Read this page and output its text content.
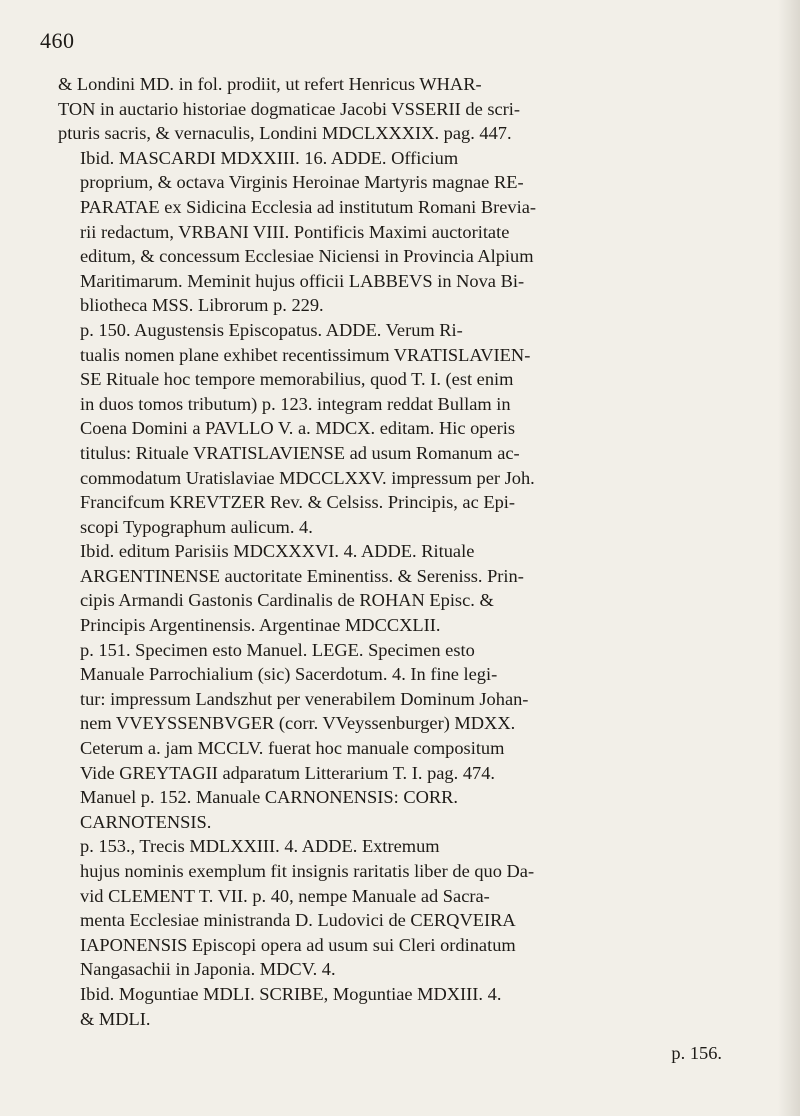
460

& Londini MD. in fol. prodiit, ut refert Henricus WHAR-
TON in auctario historiae dogmaticae Jacobi VSSERII de scri-
pturis sacris, & vernaculis, Londini MDCLXXXIX. pag. 447.

Ibid. MASCARDI MDXXIII. 16. ADDE. Officium
proprium, & octava Virginis Heroinae Martyris magnae RE-
PARATAE ex Sidicina Ecclesia ad institutum Romani Brevia-
rii redactum, VRBANI VIII. Pontificis Maximi auctoritate
editum, & concessum Ecclesiae Niciensi in Provincia Alpium
Maritimarum. Meminit hujus officii LABBEVS in Nova Bi-
bliotheca MSS. Librorum p. 229.

p. 150. Augustensis Episcopatus. ADDE. Verum Ri-
tualis nomen plane exhibet recentissimum VRATISLAVIEN-
SE Rituale hoc tempore memorabilius, quod T. I. (est enim
in duos tomos tributum) p. 123. integram reddat Bullam in
Coena Domini a PAVLLO V. a. MDCX. editam. Hic operis
titulus: Rituale VRATISLAVIENSE ad usum Romanum ac-
commodatum Uratislaviae MDCCLXXV. impressum per Joh.
Francifcum KREVTZER Rev. & Celsiss. Principis, ac Epi-
scopi Typographum aulicum. 4.

Ibid. editum Parisiis MDCXXXVI. 4. ADDE. Rituale
ARGENTINENSE auctoritate Eminentiss. & Sereniss. Prin-
cipis Armandi Gastonis Cardinalis de ROHAN Episc. &
Principis Argentinensis. Argentinae MDCCXLII.

p. 151. Specimen esto Manuel. LEGE. Specimen esto
Manuale Parrochialium (sic) Sacerdotum. 4. In fine legi-
tur: impressum Landszhut per venerabilem Dominum Johan-
nem VVEYSSENBVGER (corr. VVeyssenburger) MDXX.
Ceterum a. jam MCCLV. fuerat hoc manuale compositum
Vide GREYTAGII adparatum Litterarium T. I. pag. 474.
Manuel p. 152. Manuale CARNONENSIS: CORR.
CARNOTENSIS.

p. 153., Trecis MDLXXIII. 4. ADDE. Extremum
hujus nominis exemplum fit insignis raritatis liber de quo Da-
vid CLEMENT T. VII. p. 40, nempe Manuale ad Sacra-
menta Ecclesiae ministranda D. Ludovici de CERQVEIRA
IAPONENSIS Episcopi opera ad usum sui Cleri ordinatum
Nangasachii in Japonia. MDCV. 4.

Ibid. Moguntiae MDLI. SCRIBE, Moguntiae MDXIII. 4.
& MDLI.

p. 156.
